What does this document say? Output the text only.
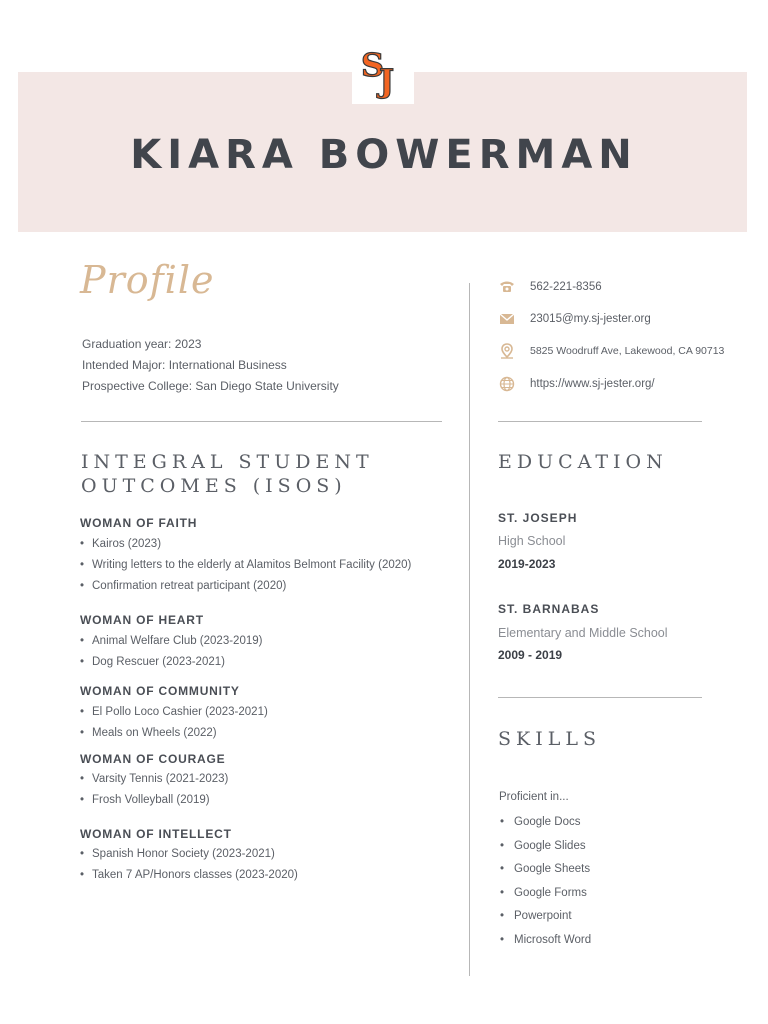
S
J
KIARA BOWERMAN
Profile
Graduation year: 2023
Intended Major: International Business
Prospective College: San Diego State University
INTEGRAL STUDENT
OUTCOMES (ISOS)
WOMAN OF FAITH
• Kairos (2023)
• Writing letters to the elderly at Alamitos Belmont Facility (2020)
• Confirmation retreat participant (2020)
WOMAN OF HEART
• Animal Welfare Club (2023-2019)
• Dog Rescuer (2023-2021)
WOMAN OF COMMUNITY
• El Pollo Loco Cashier (2023-2021)
• Meals on Wheels (2022)
WOMAN OF COURAGE
• Varsity Tennis (2021-2023)
• Frosh Volleyball (2019)
WOMAN OF INTELLECT
• Spanish Honor Society (2023-2021)
• Taken 7 AP/Honors classes (2023-2020)
562-221-8356
23015@my.sj-jester.org
5825 Woodruff Ave, Lakewood, CA 90713
https://www.sj-jester.org/
EDUCATION
ST. JOSEPH
High School
2019-2023
ST. BARNABAS
Elementary and Middle School
2009 - 2019
SKILLS
Proficient in...
• Google Docs
• Google Slides
• Google Sheets
• Google Forms
• Powerpoint
• Microsoft Word
